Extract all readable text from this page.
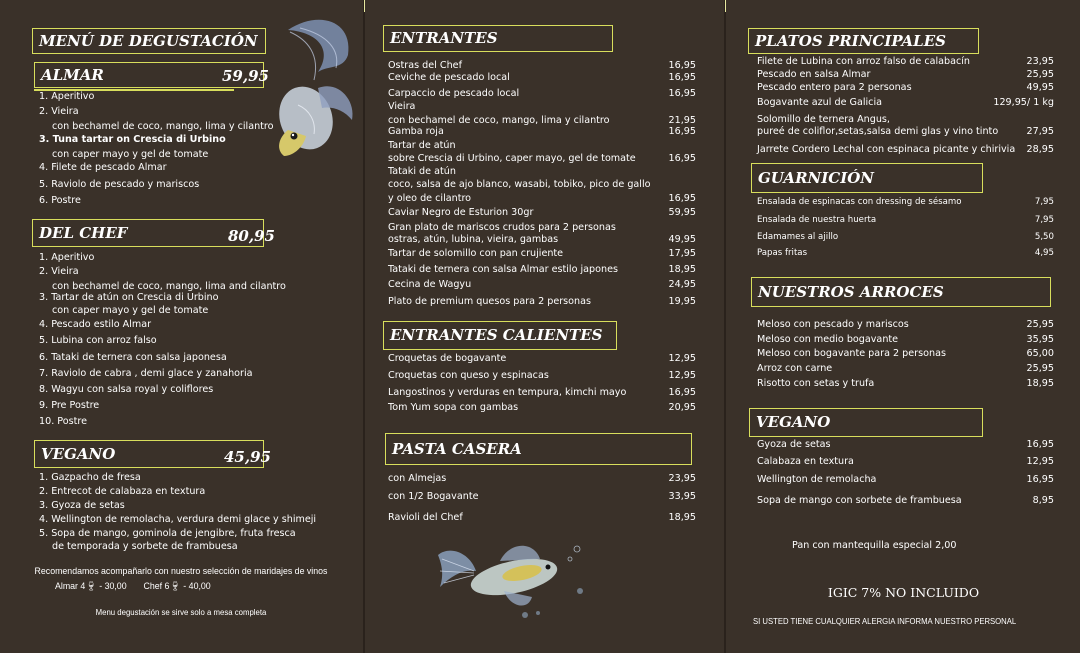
MENÚ DE DEGUSTACIÓN
ALMAR	59,95
1. Aperitivo
2. Vieira
con bechamel de coco, mango, lima y cilantro
3. Tuna tartar on Crescia di Urbino
con caper mayo y gel de tomate
4. Filete de pescado Almar
5. Raviolo de pescado y mariscos
6. Postre
DEL CHEF	80,95
1. Aperitivo
2. Vieira
con bechamel de coco, mango, lima and cilantro
3. Tartar de atún on Crescia di Urbino
con caper mayo y gel de tomate
4. Pescado estilo Almar
5. Lubina con arroz falso
6. Tataki de ternera con salsa japonesa
7. Raviolo de cabra , demi glace y zanahoria
8. Wagyu con salsa royal y coliflores
9. Pre Postre
10. Postre
VEGANO	45,95
1. Gazpacho de fresa
2. Entrecot de calabaza en textura
3. Gyoza de setas
4. Wellington de remolacha, verdura demi glace y shimeji
5. Sopa de mango, gominola de jengibre, fruta fresca
de temporada y sorbete de frambuesa
Recomendamos acompañarlo con nuestro selección de maridajes de vinos
Almar 4🍷︎ - 30,00 Chef 6🍷︎ - 40,00
Menu degustación se sirve solo a mesa completa
ENTRANTES
Ostras del Chef	16,95
Ceviche de pescado local	16,95
Carpaccio de pescado local	16,95
Vieira
con bechamel de coco, mango, lima y cilantro	21,95
Gamba roja	16,95
Tartar de atún
sobre Crescia di Urbino, caper mayo, gel de tomate	16,95
Tataki de atún
coco, salsa de ajo blanco, wasabi, tobiko, pico de gallo
y oleo de cilantro	16,95
Caviar Negro de Esturion 30gr	59,95
Gran plato de mariscos crudos para 2 personas
ostras, atún, lubina, vieira, gambas	49,95
Tartar de solomillo con pan crujiente	17,95
Tataki de ternera con salsa Almar estilo japones	18,95
Cecina de Wagyu	24,95
Plato de premium quesos para 2 personas	19,95
ENTRANTES CALIENTES
Croquetas de bogavante	12,95
Croquetas con queso y espinacas	12,95
Langostinos y verduras en tempura, kimchi mayo	16,95
Tom Yum sopa con gambas	20,95
PASTA CASERA
con Almejas	23,95
con 1/2 Bogavante	33,95
Ravioli del Chef	18,95
PLATOS PRINCIPALES
Filete de Lubina con arroz falso de calabacín	23,95
Pescado en salsa Almar	25,95
Pescado entero para 2 personas	49,95
Bogavante azul de Galicia	129,95/ 1 kg
Solomillo de ternera Angus,
pureé de coliflor,setas,salsa demi glas y vino tinto	27,95
Jarrete Cordero Lechal con espinaca picante y chirivia 28,95
GUARNICIÓN
Ensalada de espinacas con dressing de sésamo	7,95
Ensalada de nuestra huerta	7,95
Edamames al ajillo	5,50
Papas fritas	4,95
NUESTROS ARROCES
Meloso con pescado y mariscos	25,95
Meloso con medio bogavante	35,95
Meloso con bogavante para 2 personas	65,00
Arroz con carne	25,95
Risotto con setas y trufa	18,95
VEGANO
Gyoza de setas	16,95
Calabaza en textura	12,95
Wellington de remolacha	16,95
Sopa de mango con sorbete de frambuesa	8,95
Pan con mantequilla especial 2,00
IGIC 7% NO INCLUIDO
SI USTED TIENE CUALQUIER ALERGIA INFORMA NUESTRO PERSONAL
